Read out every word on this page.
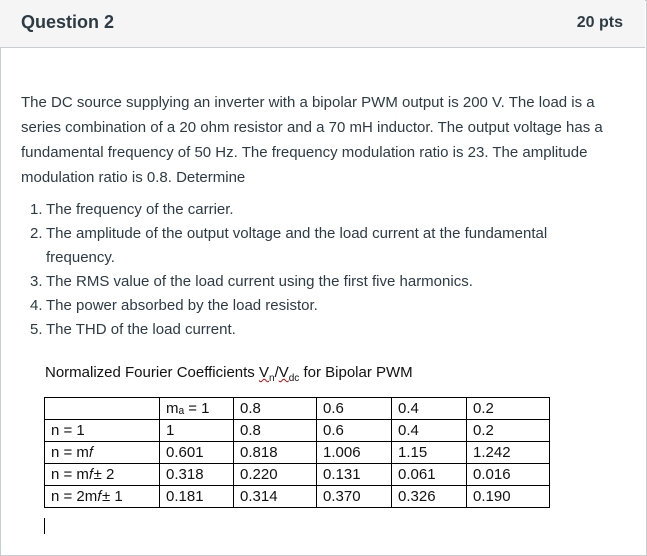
Question 2	20 pts
The DC source supplying an inverter with a bipolar PWM output is 200 V. The load is a series combination of a 20 ohm resistor and a 70 mH inductor. The output voltage has a fundamental frequency of 50 Hz. The frequency modulation ratio is 23. The amplitude modulation ratio is 0.8. Determine
1. The frequency of the carrier.
2. The amplitude of the output voltage and the load current at the fundamental frequency.
3. The RMS value of the load current using the first five harmonics.
4. The power absorbed by the load resistor.
5. The THD of the load current.
Normalized Fourier Coefficients $V_n/V_{dc}$ for Bipolar PWM
	mₐ = 1	0.8	0.6	0.4	0.2
n = 1	1	0.8	0.6	0.4	0.2
n = m𝑓	0.601	0.818	1.006	1.15	1.242
n = m𝑓± 2	0.318	0.220	0.131	0.061	0.016
n = 2m𝑓± 1	0.181	0.314	0.370	0.326	0.190
